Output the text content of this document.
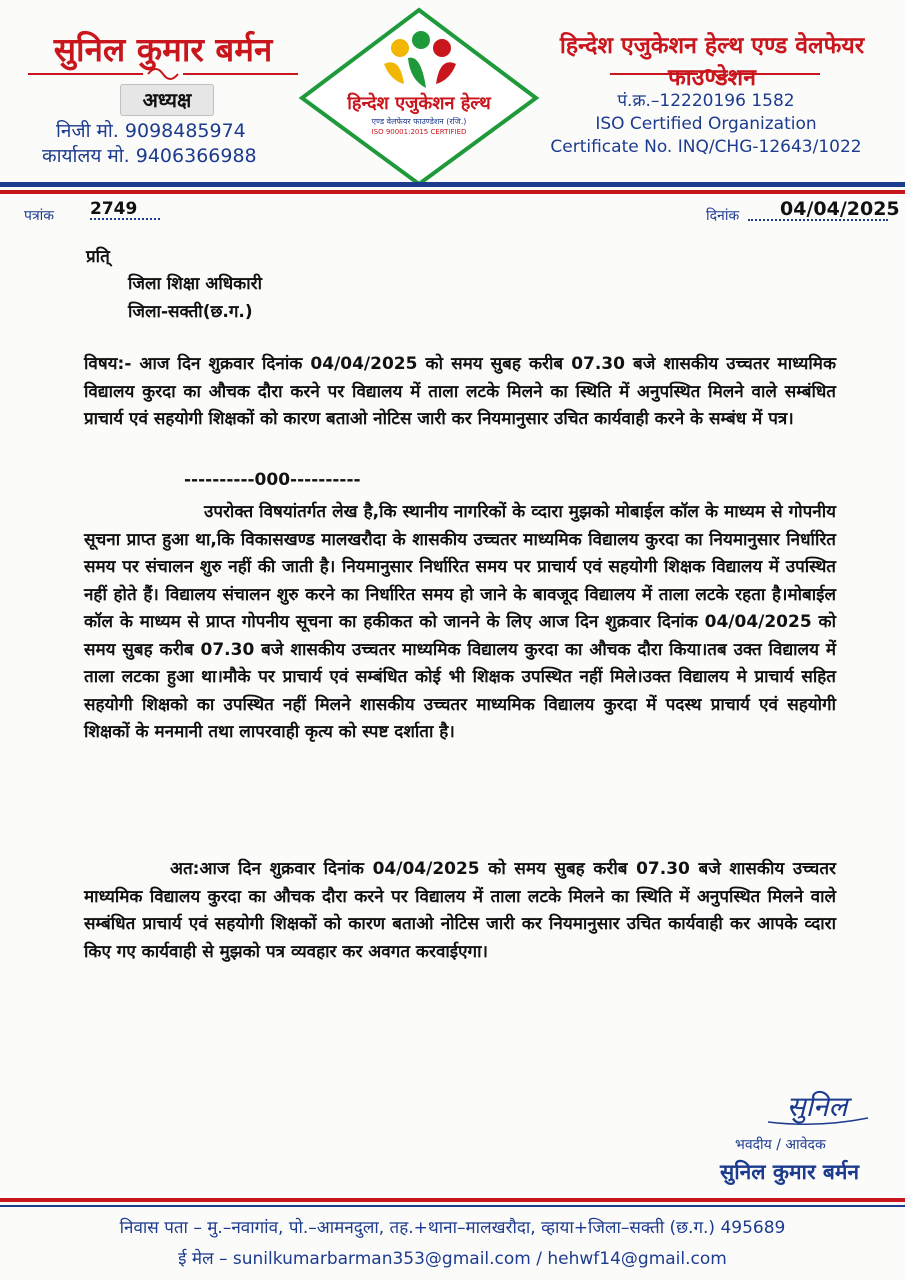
सुनिल कुमार बर्मन
अध्यक्ष
निजी मो. 9098485974
कार्यालय मो. 9406366988
हिन्देश एजुकेशन हेल्थ
एण्ड वेलफेयर फाउण्डेशन (रजि.)
ISO 90001:2015 CERTIFIED
हिन्देश एजुकेशन हेल्थ एण्ड वेलफेयर फाउण्डेशन
पं.क्र.–12220196 1582
ISO Certified Organization
Certificate No. INQ/CHG-12643/1022
पत्रांक 2749	दिनांक 04/04/2025
प्रति्
जिला शिक्षा अधिकारी
जिला-सक्ती(छ.ग.)

विषय:- आज दिन शुक्रवार दिनांक 04/04/2025 को समय सुबह करीब 07.30 बजे शासकीय उच्चतर माध्यमिक विद्यालय कुरदा का औचक दौरा करने पर विद्यालय में ताला लटके मिलने का स्थिति में अनुपस्थित मिलने वाले सम्बंधित प्राचार्य एवं सहयोगी शिक्षकों को कारण बताओ नोटिस जारी कर नियमानुसार उचित कार्यवाही करने के सम्बंध में पत्र।

----------000----------

उपरोक्त विषयांतर्गत लेख है,कि स्थानीय नागरिकों के व्दारा मुझको मोबाईल कॉल के माध्यम से गोपनीय सूचना प्राप्त हुआ था,कि विकासखण्ड मालखरौदा के शासकीय उच्चतर माध्यमिक विद्यालय कुरदा का नियमानुसार निर्धारित समय पर संचालन शुरु नहीं की जाती है। नियमानुसार निर्धारित समय पर प्राचार्य एवं सहयोगी शिक्षक विद्यालय में उपस्थित नहीं होते हैं। विद्यालय संचालन शुरु करने का निर्धारित समय हो जाने के बावजूद विद्यालय में ताला लटके रहता है।मोबाईल कॉल के माध्यम से प्राप्त गोपनीय सूचना का हकीकत को जानने के लिए आज दिन शुक्रवार दिनांक 04/04/2025 को समय सुबह करीब 07.30 बजे शासकीय उच्चतर माध्यमिक विद्यालय कुरदा का औचक दौरा किया।तब उक्त विद्यालय में ताला लटका हुआ था।मौके पर प्राचार्य एवं सम्बंधित कोई भी शिक्षक उपस्थित नहीं मिले।उक्त विद्यालय मे प्राचार्य सहित सहयोगी शिक्षको का उपस्थित नहीं मिलने शासकीय उच्चतर माध्यमिक विद्यालय कुरदा में पदस्थ प्राचार्य एवं सहयोगी शिक्षकों के मनमानी तथा लापरवाही कृत्य को स्पष्ट दर्शाता है।

अत:आज दिन शुक्रवार दिनांक 04/04/2025 को समय सुबह करीब 07.30 बजे शासकीय उच्चतर माध्यमिक विद्यालय कुरदा का औचक दौरा करने पर विद्यालय में ताला लटके मिलने का स्थिति में अनुपस्थित मिलने वाले सम्बंधित प्राचार्य एवं सहयोगी शिक्षकों को कारण बताओ नोटिस जारी कर नियमानुसार उचित कार्यवाही कर आपके व्दारा किए गए कार्यवाही से मुझको पत्र व्यवहार कर अवगत करवाईएगा।

सुनिल
भवदीय / आवेदक
सुनिल कुमार बर्मन
निवास पता – मु.–नवागांव, पो.–आमनदुला, तह.+थाना–मालखरौदा, व्हाया+जिला–सक्ती (छ.ग.) 495689
ई मेल – sunilkumarbarman353@gmail.com / hehwf14@gmail.com
